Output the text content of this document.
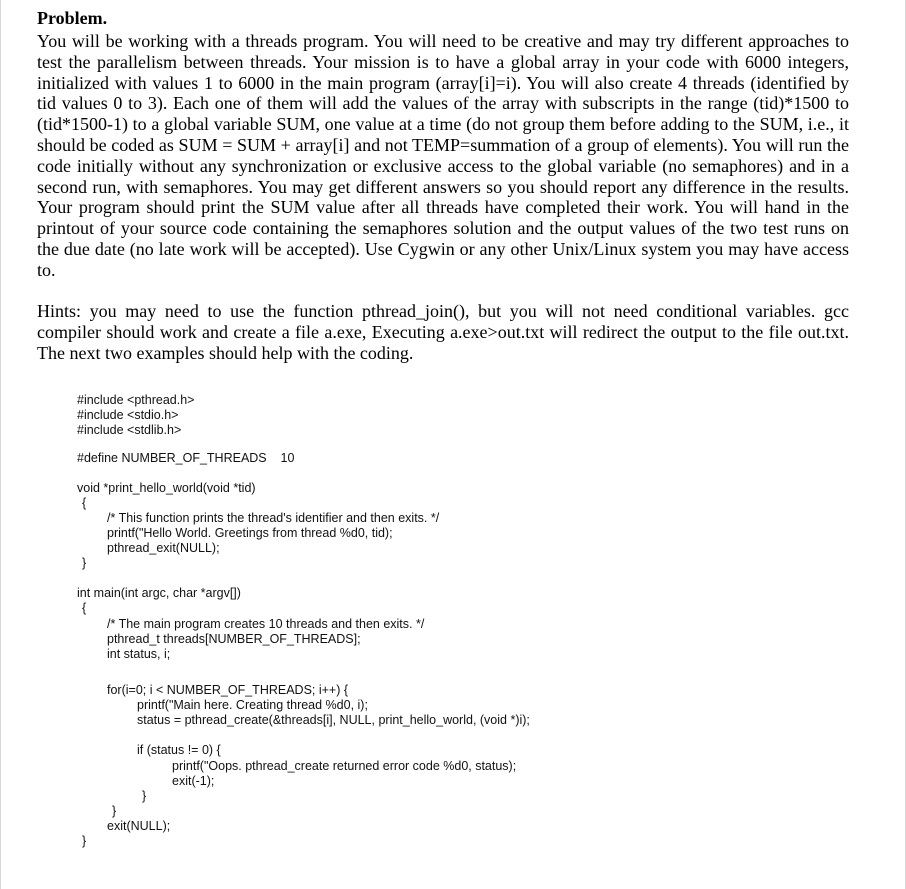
Problem.

You will be working with a threads program. You will need to be creative and may try different approaches to test the parallelism between threads. Your mission is to have a global array in your code with 6000 integers, initialized with values 1 to 6000 in the main program (array[i]=i). You will also create 4 threads (identified by tid values 0 to 3). Each one of them will add the values of the array with subscripts in the range (tid)*1500 to (tid*1500-1) to a global variable SUM, one value at a time (do not group them before adding to the SUM, i.e., it should be coded as SUM = SUM + array[i] and not TEMP=summation of a group of elements). You will run the code initially without any synchronization or exclusive access to the global variable (no semaphores) and in a second run, with semaphores. You may get different answers so you should report any difference in the results. Your program should print the SUM value after all threads have completed their work. You will hand in the printout of your source code containing the semaphores solution and the output values of the two test runs on the due date (no late work will be accepted). Use Cygwin or any other Unix/Linux system you may have access to.

Hints: you may need to use the function pthread_join(), but you will not need conditional variables. gcc compiler should work and create a file a.exe, Executing a.exe>out.txt will redirect the output to the file out.txt. The next two examples should help with the coding.

#include <pthread.h>
#include <stdio.h>
#include <stdlib.h>
#define NUMBER_OF_THREADS    10
void *print_hello_world(void *tid)
{
/* This function prints the thread's identifier and then exits. */
printf("Hello World. Greetings from thread %d0, tid);
pthread_exit(NULL);
}
int main(int argc, char *argv[])
{
/* The main program creates 10 threads and then exits. */
pthread_t threads[NUMBER_OF_THREADS];
int status, i;
for(i=0; i < NUMBER_OF_THREADS; i++) {
printf("Main here. Creating thread %d0, i);
status = pthread_create(&threads[i], NULL, print_hello_world, (void *)i);
if (status != 0) {
printf("Oops. pthread_create returned error code %d0, status);
exit(-1);
}
}
exit(NULL);
}
